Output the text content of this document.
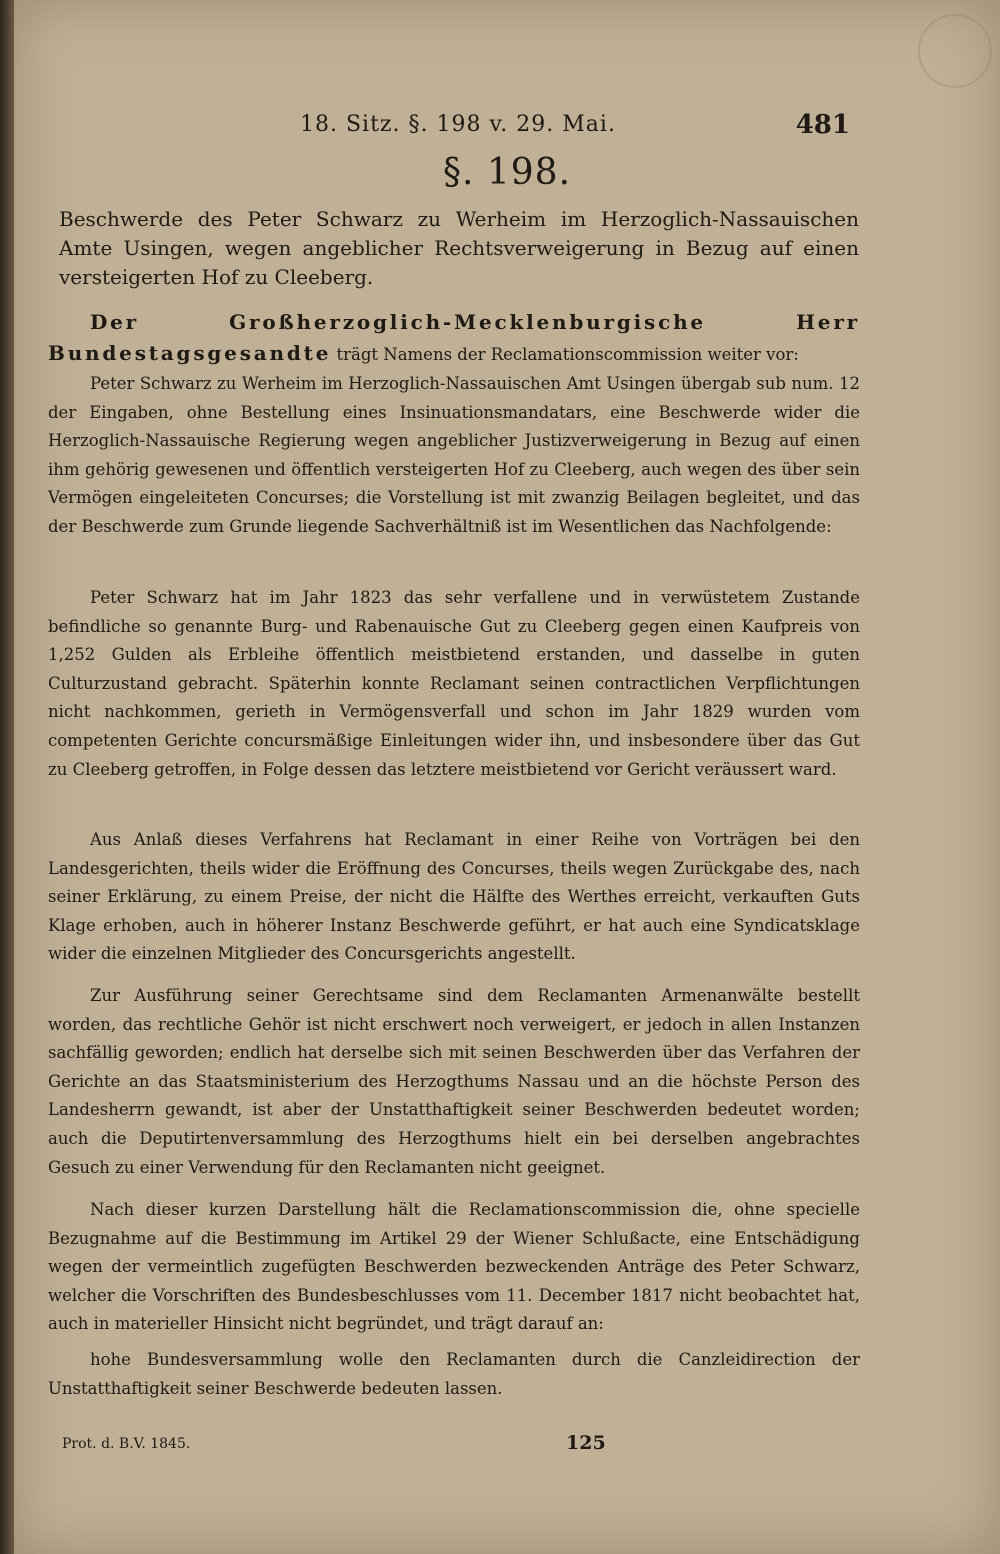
18. Sitz. §. 198 v. 29. Mai.	481
§. 198.
Beschwerde des Peter Schwarz zu Werheim im Herzoglich-Nassauischen Amte Usingen, wegen angeblicher Rechtsverweigerung in Bezug auf einen versteigerten Hof zu Cleeberg.

Der Großherzoglich-Mecklenburgische Herr Bundestagsgesandte trägt Namens der Reclamationscommission weiter vor:

Peter Schwarz zu Werheim im Herzoglich-Nassauischen Amt Usingen übergab sub num. 12 der Eingaben, ohne Bestellung eines Insinuationsmandatars, eine Beschwerde wider die Herzoglich-Nassauische Regierung wegen angeblicher Justizverweigerung in Bezug auf einen ihm gehörig gewesenen und öffentlich versteigerten Hof zu Cleeberg, auch wegen des über sein Vermögen eingeleiteten Concurses; die Vorstellung ist mit zwanzig Beilagen begleitet, und das der Beschwerde zum Grunde liegende Sachverhältniß ist im Wesentlichen das Nachfolgende:

Peter Schwarz hat im Jahr 1823 das sehr verfallene und in verwüstetem Zustande befindliche so genannte Burg- und Rabenauische Gut zu Cleeberg gegen einen Kaufpreis von 1,252 Gulden als Erbleihe öffentlich meistbietend erstanden, und dasselbe in guten Culturzustand gebracht. Späterhin konnte Reclamant seinen contractlichen Verpflichtungen nicht nachkommen, gerieth in Vermögensverfall und schon im Jahr 1829 wurden vom competenten Gerichte concursmäßige Einleitungen wider ihn, und insbesondere über das Gut zu Cleeberg getroffen, in Folge dessen das letztere meistbietend vor Gericht veräussert ward.

Aus Anlaß dieses Verfahrens hat Reclamant in einer Reihe von Vorträgen bei den Landesgerichten, theils wider die Eröffnung des Concurses, theils wegen Zurückgabe des, nach seiner Erklärung, zu einem Preise, der nicht die Hälfte des Werthes erreicht, verkauften Guts Klage erhoben, auch in höherer Instanz Beschwerde geführt, er hat auch eine Syndicatsklage wider die einzelnen Mitglieder des Concursgerichts angestellt.

Zur Ausführung seiner Gerechtsame sind dem Reclamanten Armenanwälte bestellt worden, das rechtliche Gehör ist nicht erschwert noch verweigert, er jedoch in allen Instanzen sachfällig geworden; endlich hat derselbe sich mit seinen Beschwerden über das Verfahren der Gerichte an das Staatsministerium des Herzogthums Nassau und an die höchste Person des Landesherrn gewandt, ist aber der Unstatthaftigkeit seiner Beschwerden bedeutet worden; auch die Deputirtenversammlung des Herzogthums hielt ein bei derselben angebrachtes Gesuch zu einer Verwendung für den Reclamanten nicht geeignet.

Nach dieser kurzen Darstellung hält die Reclamationscommission die, ohne specielle Bezugnahme auf die Bestimmung im Artikel 29 der Wiener Schlußacte, eine Entschädigung wegen der vermeintlich zugefügten Beschwerden bezweckenden Anträge des Peter Schwarz, welcher die Vorschriften des Bundesbeschlusses vom 11. December 1817 nicht beobachtet hat, auch in materieller Hinsicht nicht begründet, und trägt darauf an:

hohe Bundesversammlung wolle den Reclamanten durch die Canzleidirection der Unstatthaftigkeit seiner Beschwerde bedeuten lassen.

Prot. d. B.V. 1845.	125
